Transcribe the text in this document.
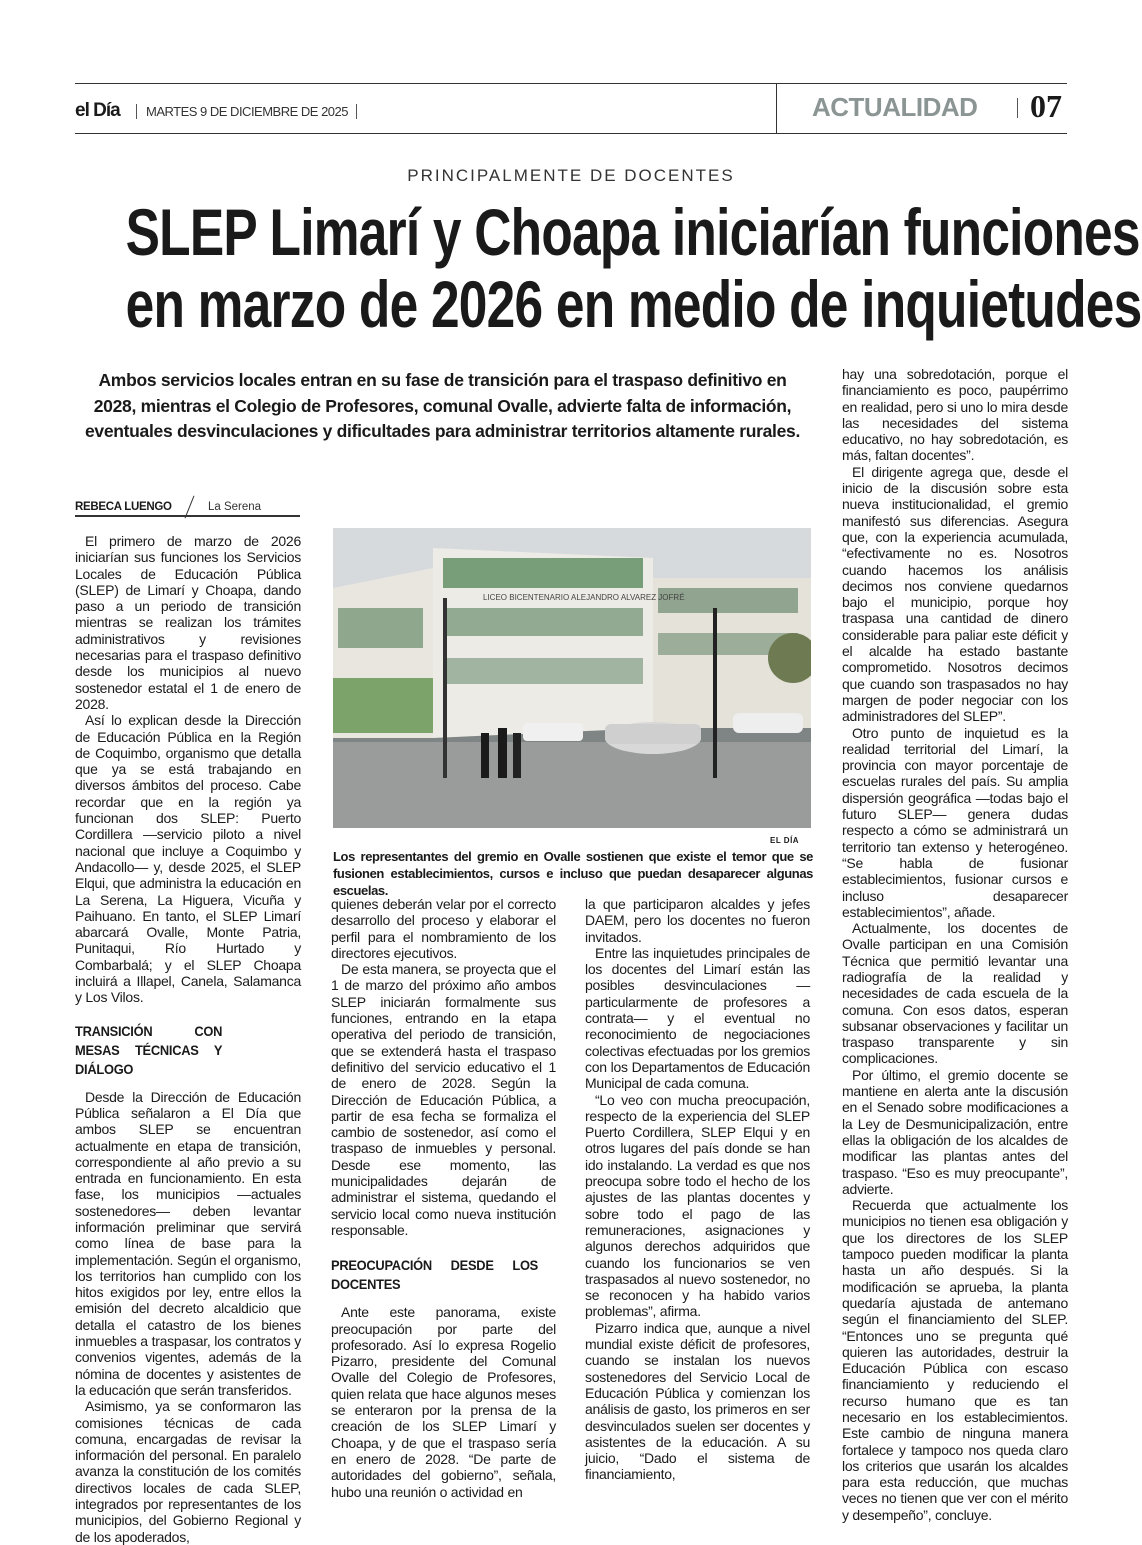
el Día	MARTES 9 DE DICIEMBRE DE 2025	ACTUALIDAD 07
PRINCIPALMENTE DE DOCENTES
SLEP Limarí y Choapa iniciarían funciones
en marzo de 2026 en medio de inquietudes
Ambos servicios locales entran en su fase de transición para el traspaso definitivo en 2028, mientras el Colegio de Profesores, comunal Ovalle, advierte falta de información, eventuales desvinculaciones y dificultades para administrar territorios altamente rurales.
REBECA LUENGO	La Serena

El primero de marzo de 2026 iniciarían sus funciones los Servicios Locales de Educación Pública (SLEP) de Limarí y Choapa, dando paso a un periodo de transición mientras se realizan los trámites administrativos y revisiones necesarias para el traspaso definitivo desde los municipios al nuevo sostenedor estatal el 1 de enero de 2028.

Así lo explican desde la Dirección de Educación Pública en la Región de Coquimbo, organismo que detalla que ya se está trabajando en diversos ámbitos del proceso. Cabe recordar que en la región ya funcionan dos SLEP: Puerto Cordillera —servicio piloto a nivel nacional que incluye a Coquimbo y Andacollo— y, desde 2025, el SLEP Elqui, que administra la educación en La Serena, La Higuera, Vicuña y Paihuano. En tanto, el SLEP Limarí abarcará Ovalle, Monte Patria, Punitaqui, Río Hurtado y Combarbalá; y el SLEP Choapa incluirá a Illapel, Canela, Salamanca y Los Vilos.

TRANSICIÓN CON MESAS TÉCNICAS Y DIÁLOGO

Desde la Dirección de Educación Pública señalaron a El Día que ambos SLEP se encuentran actualmente en etapa de transición, correspondiente al año previo a su entrada en funcionamiento. En esta fase, los municipios —actuales sostenedores— deben levantar información preliminar que servirá como línea de base para la implementación. Según el organismo, los territorios han cumplido con los hitos exigidos por ley, entre ellos la emisión del decreto alcaldicio que detalla el catastro de los bienes inmuebles a traspasar, los contratos y convenios vigentes, además de la nómina de docentes y asistentes de la educación que serán transferidos.

Asimismo, ya se conformaron las comisiones técnicas de cada comuna, encargadas de revisar la información del personal. En paralelo avanza la constitución de los comités directivos locales de cada SLEP, integrados por representantes de los municipios, del Gobierno Regional y de los apoderados,

LICEO BICENTENARIO ALEJANDRO ALVAREZ JOFRÉ
EL DÍA
Los representantes del gremio en Ovalle sostienen que existe el temor que se fusionen establecimientos, cursos e incluso que puedan desaparecer algunas escuelas.

quienes deberán velar por el correcto desarrollo del proceso y elaborar el perfil para el nombramiento de los directores ejecutivos.

De esta manera, se proyecta que el 1 de marzo del próximo año ambos SLEP iniciarán formalmente sus funciones, entrando en la etapa operativa del periodo de transición, que se extenderá hasta el traspaso definitivo del servicio educativo el 1 de enero de 2028. Según la Dirección de Educación Pública, a partir de esa fecha se formaliza el cambio de sostenedor, así como el traspaso de inmuebles y personal. Desde ese momento, las municipalidades dejarán de administrar el sistema, quedando el servicio local como nueva institución responsable.

PREOCUPACIÓN DESDE LOS DOCENTES

Ante este panorama, existe preocupación por parte del profesorado. Así lo expresa Rogelio Pizarro, presidente del Comunal Ovalle del Colegio de Profesores, quien relata que hace algunos meses se enteraron por la prensa de la creación de los SLEP Limarí y Choapa, y de que el traspaso sería en enero de 2028. “De parte de autoridades del gobierno”, señala, hubo una reunión o actividad en

la que participaron alcaldes y jefes DAEM, pero los docentes no fueron invitados.

Entre las inquietudes principales de los docentes del Limarí están las posibles desvinculaciones —particularmente de profesores a contrata— y el eventual no reconocimiento de negociaciones colectivas efectuadas por los gremios con los Departamentos de Educación Municipal de cada comuna.

“Lo veo con mucha preocupación, respecto de la experiencia del SLEP Puerto Cordillera, SLEP Elqui y en otros lugares del país donde se han ido instalando. La verdad es que nos preocupa sobre todo el hecho de los ajustes de las plantas docentes y sobre todo el pago de las remuneraciones, asignaciones y algunos derechos adquiridos que cuando los funcionarios se ven traspasados al nuevo sostenedor, no se reconocen y ha habido varios problemas”, afirma.

Pizarro indica que, aunque a nivel mundial existe déficit de profesores, cuando se instalan los nuevos sostenedores del Servicio Local de Educación Pública y comienzan los análisis de gasto, los primeros en ser desvinculados suelen ser docentes y asistentes de la educación. A su juicio, “Dado el sistema de financiamiento,

hay una sobredotación, porque el financiamiento es poco, paupérrimo en realidad, pero si uno lo mira desde las necesidades del sistema educativo, no hay sobredotación, es más, faltan docentes”.

El dirigente agrega que, desde el inicio de la discusión sobre esta nueva institucionalidad, el gremio manifestó sus diferencias. Asegura que, con la experiencia acumulada, “efectivamente no es. Nosotros cuando hacemos los análisis decimos nos conviene quedarnos bajo el municipio, porque hoy traspasa una cantidad de dinero considerable para paliar este déficit y el alcalde ha estado bastante comprometido. Nosotros decimos que cuando son traspasados no hay margen de poder negociar con los administradores del SLEP”.

Otro punto de inquietud es la realidad territorial del Limarí, la provincia con mayor porcentaje de escuelas rurales del país. Su amplia dispersión geográfica —todas bajo el futuro SLEP— genera dudas respecto a cómo se administrará un territorio tan extenso y heterogéneo. “Se habla de fusionar establecimientos, fusionar cursos e incluso desaparecer establecimientos”, añade.

Actualmente, los docentes de Ovalle participan en una Comisión Técnica que permitió levantar una radiografía de la realidad y necesidades de cada escuela de la comuna. Con esos datos, esperan subsanar observaciones y facilitar un traspaso transparente y sin complicaciones.

Por último, el gremio docente se mantiene en alerta ante la discusión en el Senado sobre modificaciones a la Ley de Desmunicipalización, entre ellas la obligación de los alcaldes de modificar las plantas antes del traspaso. “Eso es muy preocupante”, advierte.

Recuerda que actualmente los municipios no tienen esa obligación y que los directores de los SLEP tampoco pueden modificar la planta hasta un año después. Si la modificación se aprueba, la planta quedaría ajustada de antemano según el financiamiento del SLEP. “Entonces uno se pregunta qué quieren las autoridades, destruir la Educación Pública con escaso financiamiento y reduciendo el recurso humano que es tan necesario en los establecimientos. Este cambio de ninguna manera fortalece y tampoco nos queda claro los criterios que usarán los alcaldes para esta reducción, que muchas veces no tienen que ver con el mérito y desempeño”, concluye.
